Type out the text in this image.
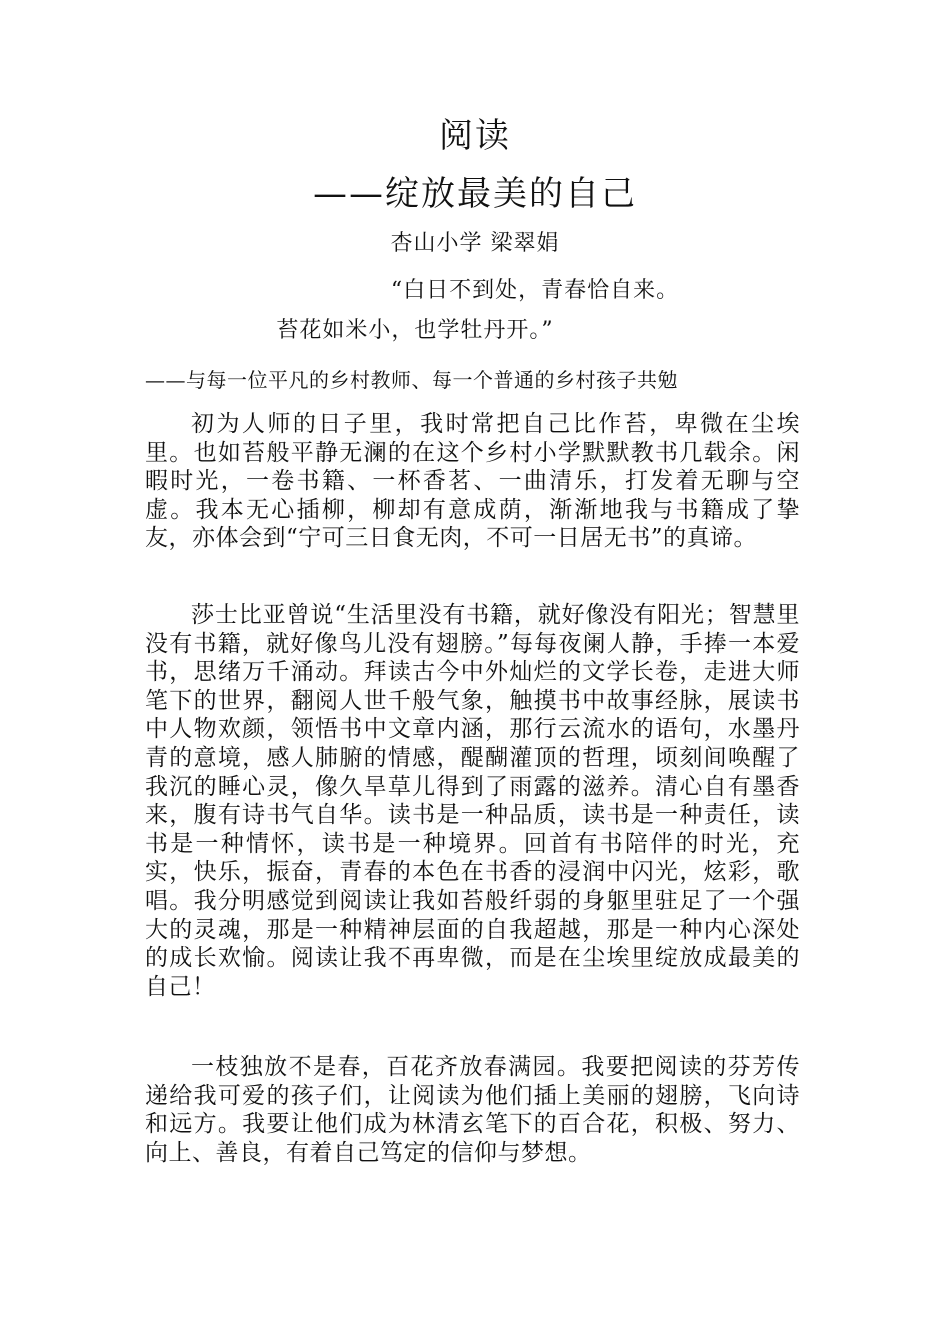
阅读
——绽放最美的自己
杏山小学 梁翠娟
“白日不到处，青春恰自来。
苔花如米小，也学牡丹开。”
——与每一位平凡的乡村教师、每一个普通的乡村孩子共勉

初为人师的日子里，我时常把自己比作苔，卑微在尘埃里。也如苔般平静无澜的在这个乡村小学默默教书几载余。闲暇时光，一卷书籍、一杯香茗、一曲清乐，打发着无聊与空虚。我本无心插柳，柳却有意成荫，渐渐地我与书籍成了挚友，亦体会到“宁可三日食无肉，不可一日居无书”的真谛。

莎士比亚曾说“生活里没有书籍，就好像没有阳光；智慧里没有书籍，就好像鸟儿没有翅膀。”每每夜阑人静，手捧一本爱书，思绪万千涌动。拜读古今中外灿烂的文学长卷，走进大师笔下的世界，翻阅人世千般气象，触摸书中故事经脉，展读书中人物欢颜，领悟书中文章内涵，那行云流水的语句，水墨丹青的意境，感人肺腑的情感，醍醐灌顶的哲理，顷刻间唤醒了我沉的睡心灵，像久旱草儿得到了雨露的滋养。清心自有墨香来，腹有诗书气自华。读书是一种品质，读书是一种责任，读书是一种情怀，读书是一种境界。回首有书陪伴的时光，充实，快乐，振奋，青春的本色在书香的浸润中闪光，炫彩，歌唱。我分明感觉到阅读让我如苔般纤弱的身躯里驻足了一个强大的灵魂，那是一种精神层面的自我超越，那是一种内心深处的成长欢愉。阅读让我不再卑微，而是在尘埃里绽放成最美的自己！

一枝独放不是春，百花齐放春满园。我要把阅读的芬芳传递给我可爱的孩子们，让阅读为他们插上美丽的翅膀，飞向诗和远方。我要让他们成为林清玄笔下的百合花，积极、努力、向上、善良，有着自己笃定的信仰与梦想。
